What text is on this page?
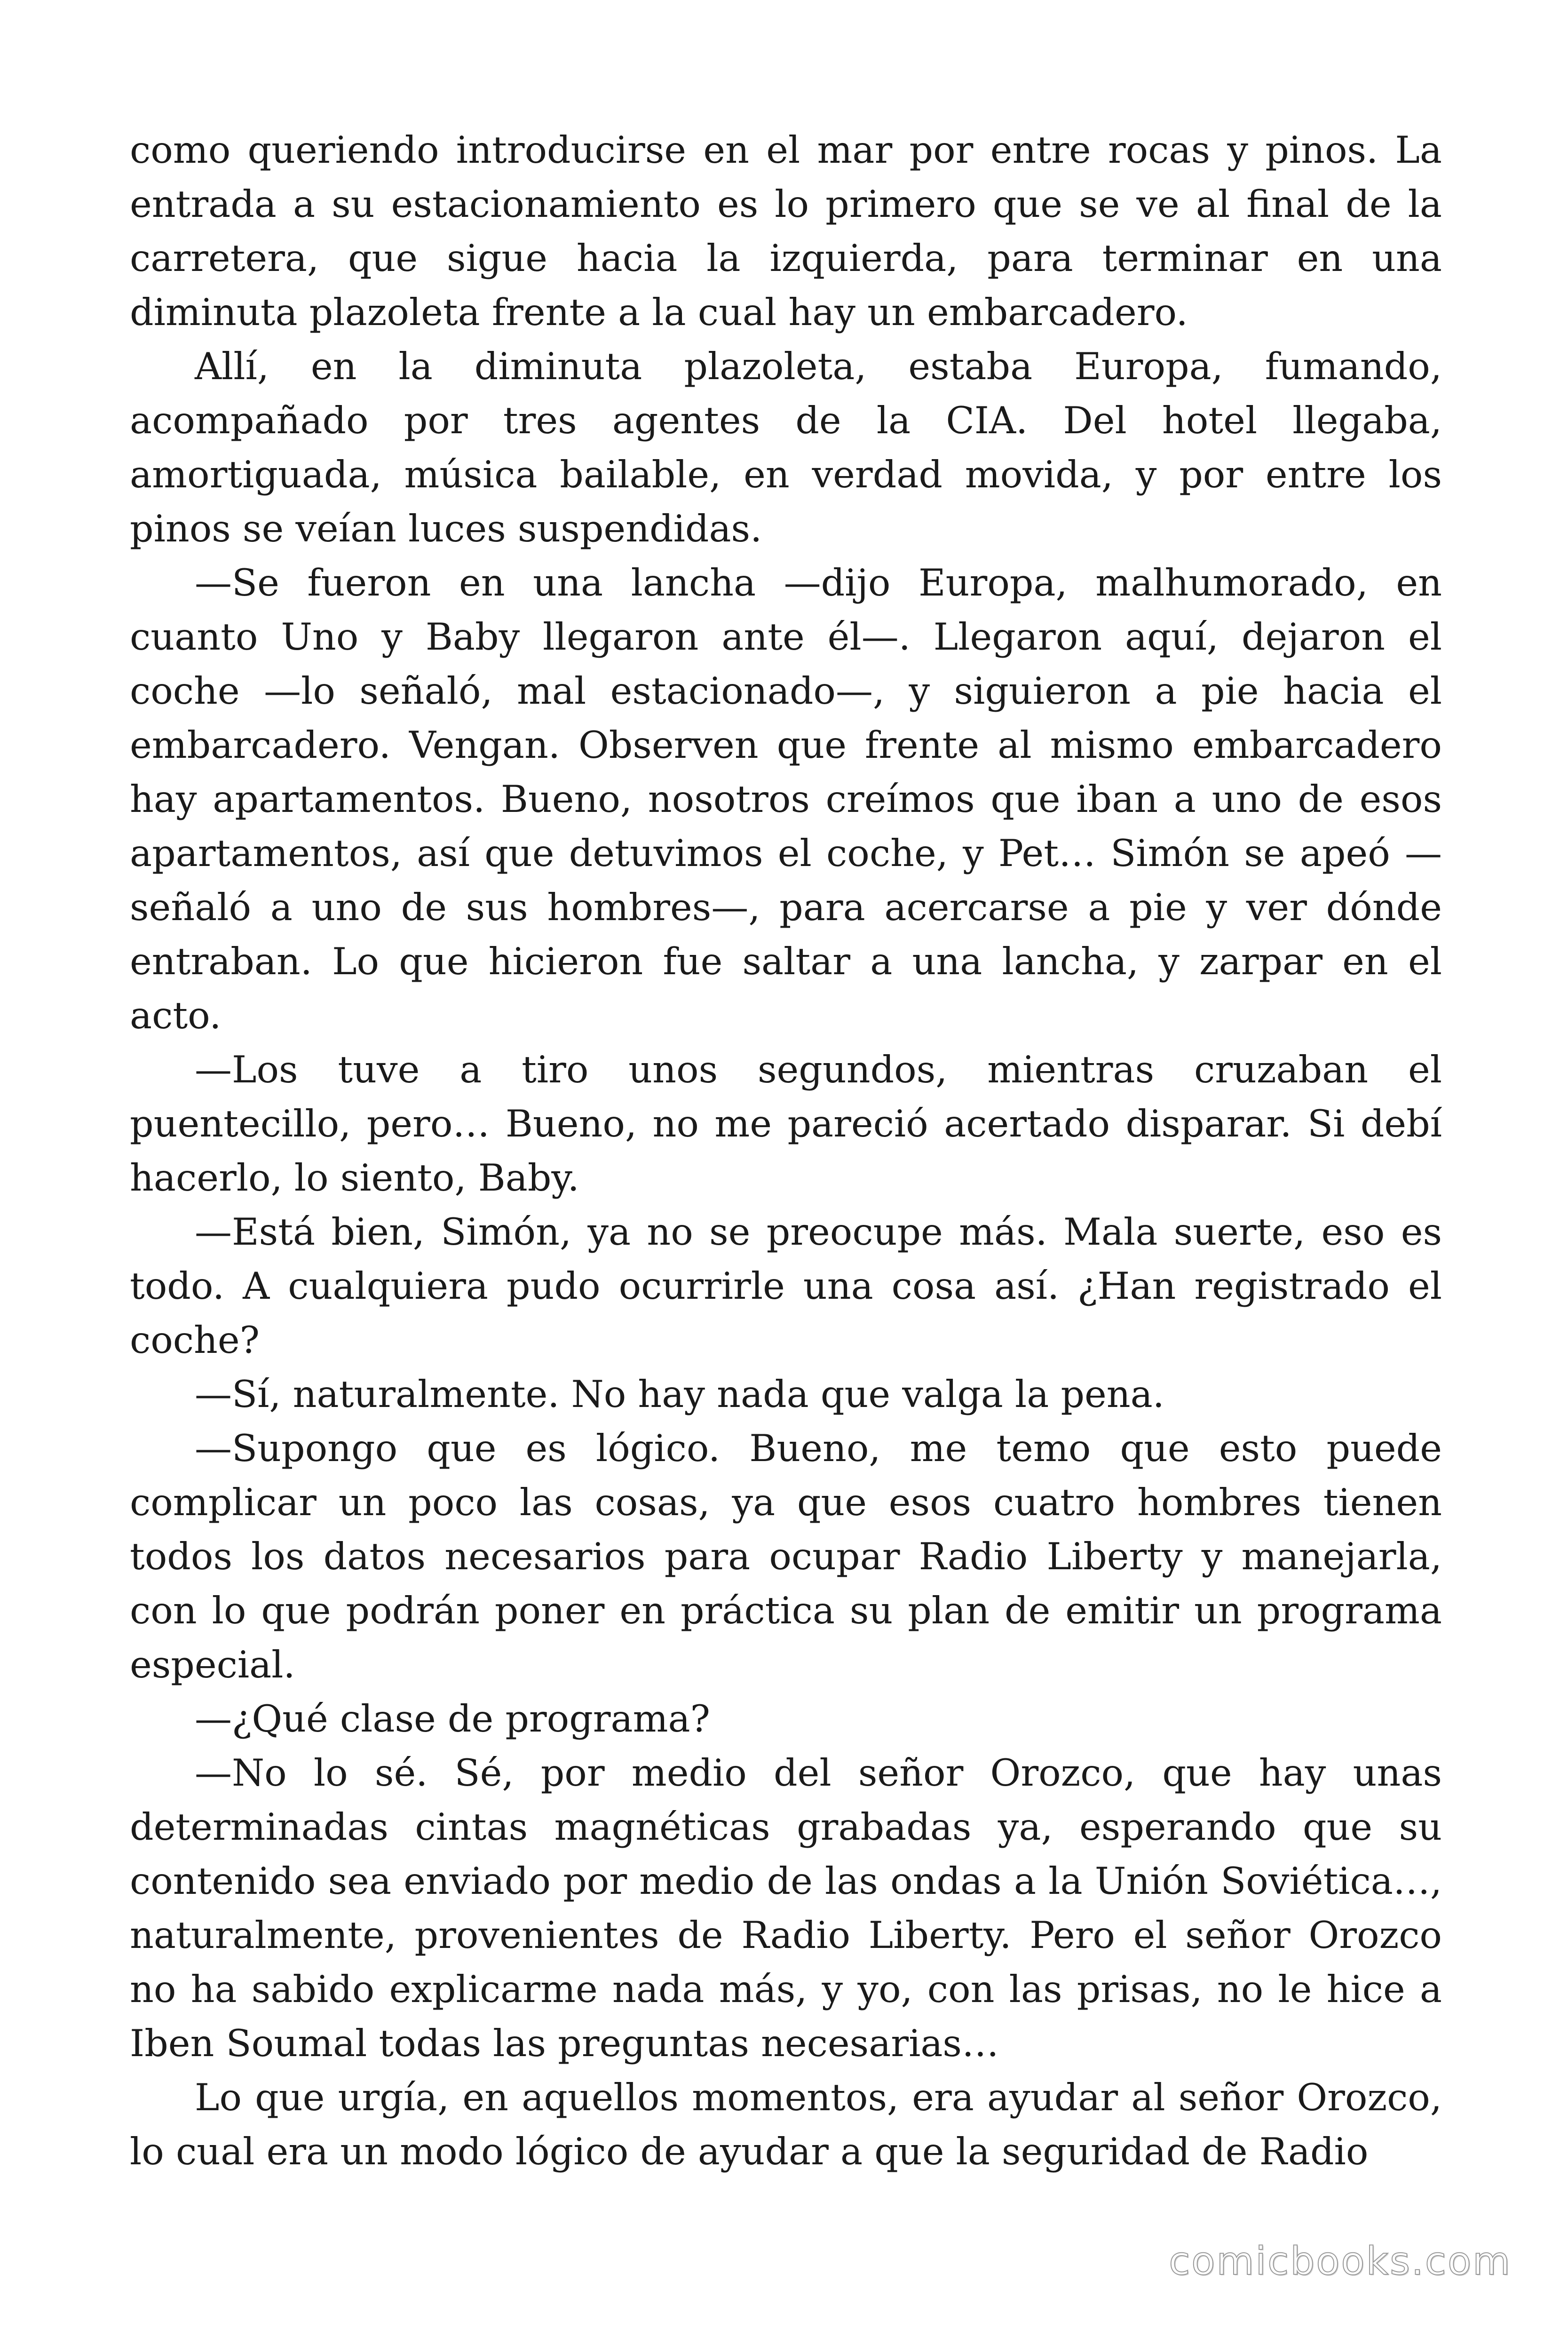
como queriendo introducirse en el mar por entre rocas y pinos. La entrada a su estacionamiento es lo primero que se ve al final de la carretera, que sigue hacia la izquierda, para terminar en una diminuta plazoleta frente a la cual hay un embarcadero.

Allí, en la diminuta plazoleta, estaba Europa, fumando, acompañado por tres agentes de la CIA. Del hotel llegaba, amortiguada, música bailable, en verdad movida, y por entre los pinos se veían luces suspendidas.

—Se fueron en una lancha —dijo Europa, malhumorado, en cuanto Uno y Baby llegaron ante él—. Llegaron aquí, dejaron el coche —lo señaló, mal estacionado—, y siguieron a pie hacia el embarcadero. Vengan. Observen que frente al mismo embarcadero hay apartamentos. Bueno, nosotros creímos que iban a uno de esos apartamentos, así que detuvimos el coche, y Pet… Simón se apeó —señaló a uno de sus hombres—, para acercarse a pie y ver dónde entraban. Lo que hicieron fue saltar a una lancha, y zarpar en el acto.

—Los tuve a tiro unos segundos, mientras cruzaban el puentecillo, pero… Bueno, no me pareció acertado disparar. Si debí hacerlo, lo siento, Baby.

—Está bien, Simón, ya no se preocupe más. Mala suerte, eso es todo. A cualquiera pudo ocurrirle una cosa así. ¿Han registrado el coche?

—Sí, naturalmente. No hay nada que valga la pena.

—Supongo que es lógico. Bueno, me temo que esto puede complicar un poco las cosas, ya que esos cuatro hombres tienen todos los datos necesarios para ocupar Radio Liberty y manejarla, con lo que podrán poner en práctica su plan de emitir un programa especial.

—¿Qué clase de programa?

—No lo sé. Sé, por medio del señor Orozco, que hay unas determinadas cintas magnéticas grabadas ya, esperando que su contenido sea enviado por medio de las ondas a la Unión Soviética…, naturalmente, provenientes de Radio Liberty. Pero el señor Orozco no ha sabido explicarme nada más, y yo, con las prisas, no le hice a Iben Soumal todas las preguntas necesarias…

Lo que urgía, en aquellos momentos, era ayudar al señor Orozco, lo cual era un modo lógico de ayudar a que la seguridad de Radio

comicbooks.com
